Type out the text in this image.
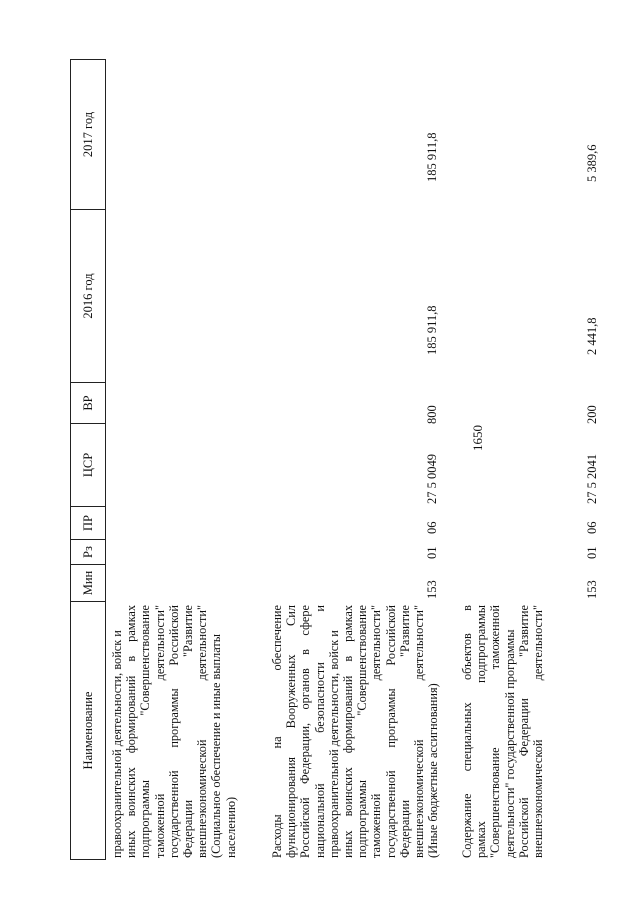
1650
Наименование
Мин
Рз
ПР
ЦСР
ВР
2016 год
2017 год
правоохранительной деятельности, войск и иных
воинских
формирований
в
рамках
подпрограммы
"Совершенствование
таможенной
деятельности"
государственной
программы
Российской
Федерации
"Развитие
внешнеэкономической
деятельности" (Социальное обеспечение и иные выплаты населению)	Расходы
на
обеспечение
функционирования
Вооруженных
Сил
Российской
Федерации,
органов
в
сфере
национальной
безопасности
и
правоохранительной деятельности, войск и иных
воинских
формирований
в
рамках
подпрограммы
"Совершенствование
таможенной
деятельности"
государственной
программы
Российской
Федерации
"Развитие
внешнеэкономической
деятельности"
(Иные бюджетные ассигнования)
153
01
06
27 5 0049
800
185 911,8
185 911,8
Содержание
специальных
объектов
в
рамках
подпрограммы
"Совершенствование
таможенной деятельности" государственной программы Российской
Федерации
"Развитие
внешнеэкономической
деятельности"
153
01
06
27 5 2041
200
2 441,8
5 389,6
